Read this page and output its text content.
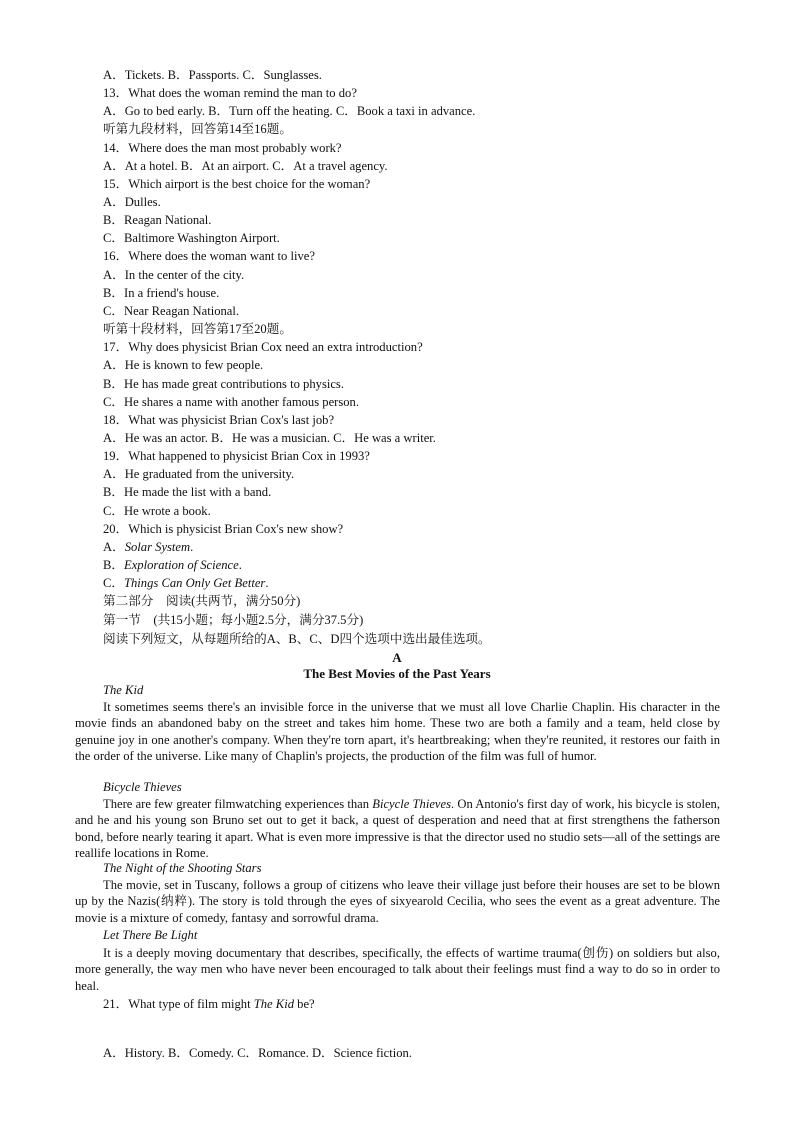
A．Tickets. B．Passports. C．Sunglasses.
13．What does the woman remind the man to do?
A．Go to bed early. B．Turn off the heating. C．Book a taxi in advance.
听第九段材料，回答第14至16题。
14．Where does the man most probably work?
A．At a hotel. B．At an airport. C．At a travel agency.
15．Which airport is the best choice for the woman?
A．Dulles.
B．Reagan National.
C．Baltimore Washington Airport.
16．Where does the woman want to live?
A．In the center of the city.
B．In a friend's house.
C．Near Reagan National.
听第十段材料，回答第17至20题。
17．Why does physicist Brian Cox need an extra introduction?
A．He is known to few people.
B．He has made great contributions to physics.
C．He shares a name with another famous person.
18．What was physicist Brian Cox's last job?
A．He was an actor. B．He was a musician. C．He was a writer.
19．What happened to physicist Brian Cox in 1993?
A．He graduated from the university.
B．He made the list with a band.
C．He wrote a book.
20．Which is physicist Brian Cox's new show?
A．Solar System.
B．Exploration of Science.
C．Things Can Only Get Better.
第二部分　阅读(共两节，满分50分)
第一节　(共15小题；每小题2.5分，满分37.5分)
阅读下列短文，从每题所给的A、B、C、D四个选项中选出最佳选项。
A
The Best Movies of the Past Years
The Kid

It sometimes seems there's an invisible force in the universe that we must all love Charlie Chaplin. His character in the movie finds an abandoned baby on the street and takes him home. These two are both a family and a team, held close by genuine joy in one another's company. When they're torn apart, it's heartbreaking; when they're reunited, it restores our faith in the order of the universe. Like many of Chaplin's projects, the production of the film was full of humor.

Bicycle Thieves

There are few greater filmwatching experiences than Bicycle Thieves. On Antonio's first day of work, his bicycle is stolen, and he and his young son Bruno set out to get it back, a quest of desperation and need that at first strengthens the fatherson bond, before nearly tearing it apart. What is even more impressive is that the director used no studio sets—all of the settings are reallife locations in Rome.

The Night of the Shooting Stars

The movie, set in Tuscany, follows a group of citizens who leave their village just before their houses are set to be blown up by the Nazis(纳粹). The story is told through the eyes of sixyearold Cecilia, who sees the event as a great adventure. The movie is a mixture of comedy, fantasy and sorrowful drama.

Let There Be Light

It is a deeply moving documentary that describes, specifically, the effects of wartime trauma(创伤) on soldiers but also, more generally, the way men who have never been encouraged to talk about their feelings must find a way to do so in order to heal.

21．What type of film might The Kid be?
A．History. B．Comedy. C．Romance. D．Science fiction.
